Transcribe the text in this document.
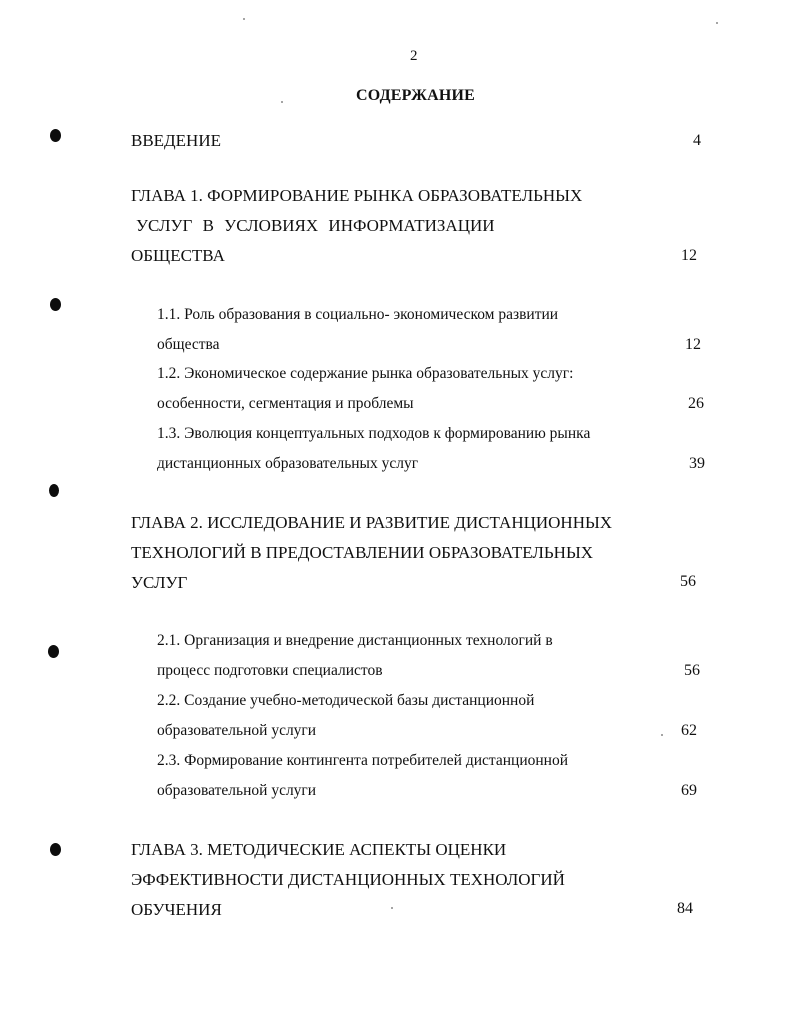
2
СОДЕРЖАНИЕ
ВВЕДЕНИЕ	4
ГЛАВА 1. ФОРМИРОВАНИЕ РЫНКА ОБРАЗОВАТЕЛЬНЫХ
УСЛУГ В УСЛОВИЯХ ИНФОРМАТИЗАЦИИ
ОБЩЕСТВА	12
1.1. Роль образования в социально- экономическом развитии
общества	12
1.2. Экономическое содержание рынка образовательных услуг:
особенности, сегментация и проблемы	26
1.3. Эволюция концептуальных подходов к формированию рынка
дистанционных образовательных услуг	39
ГЛАВА 2. ИССЛЕДОВАНИЕ И РАЗВИТИЕ ДИСТАНЦИОННЫХ
ТЕХНОЛОГИЙ В ПРЕДОСТАВЛЕНИИ ОБРАЗОВАТЕЛЬНЫХ
УСЛУГ	56
2.1. Организация и внедрение дистанционных технологий в
процесс подготовки специалистов	56
2.2. Создание учебно-методической базы дистанционной
образовательной услуги	62
2.3. Формирование контингента потребителей дистанционной
образовательной услуги	69
ГЛАВА 3. МЕТОДИЧЕСКИЕ АСПЕКТЫ ОЦЕНКИ
ЭФФЕКТИВНОСТИ ДИСТАНЦИОННЫХ ТЕХНОЛОГИЙ
ОБУЧЕНИЯ	84
